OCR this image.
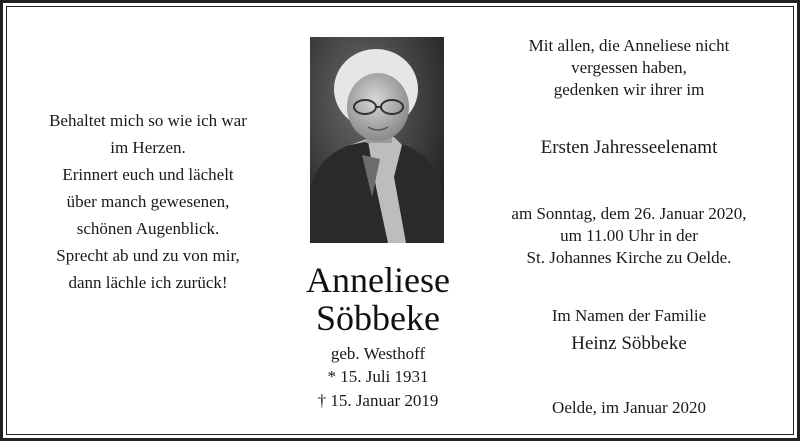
Behaltet mich so wie ich war
im Herzen.
Erinnert euch und lächelt
über manch gewesenen,
schönen Augenblick.
Sprecht ab und zu von mir,
dann lächle ich zurück!	Anneliese
Söbbeke
geb. Westhoff
* 15. Juli 1931
† 15. Januar 2019
Mit allen, die Anneliese nicht
vergessen haben,
gedenken wir ihrer im
Ersten Jahresseelenamt
am Sonntag, dem 26. Januar 2020,
um 11.00 Uhr in der
St. Johannes Kirche zu Oelde.
Im Namen der Familie
Heinz Söbbeke
Oelde, im Januar 2020
